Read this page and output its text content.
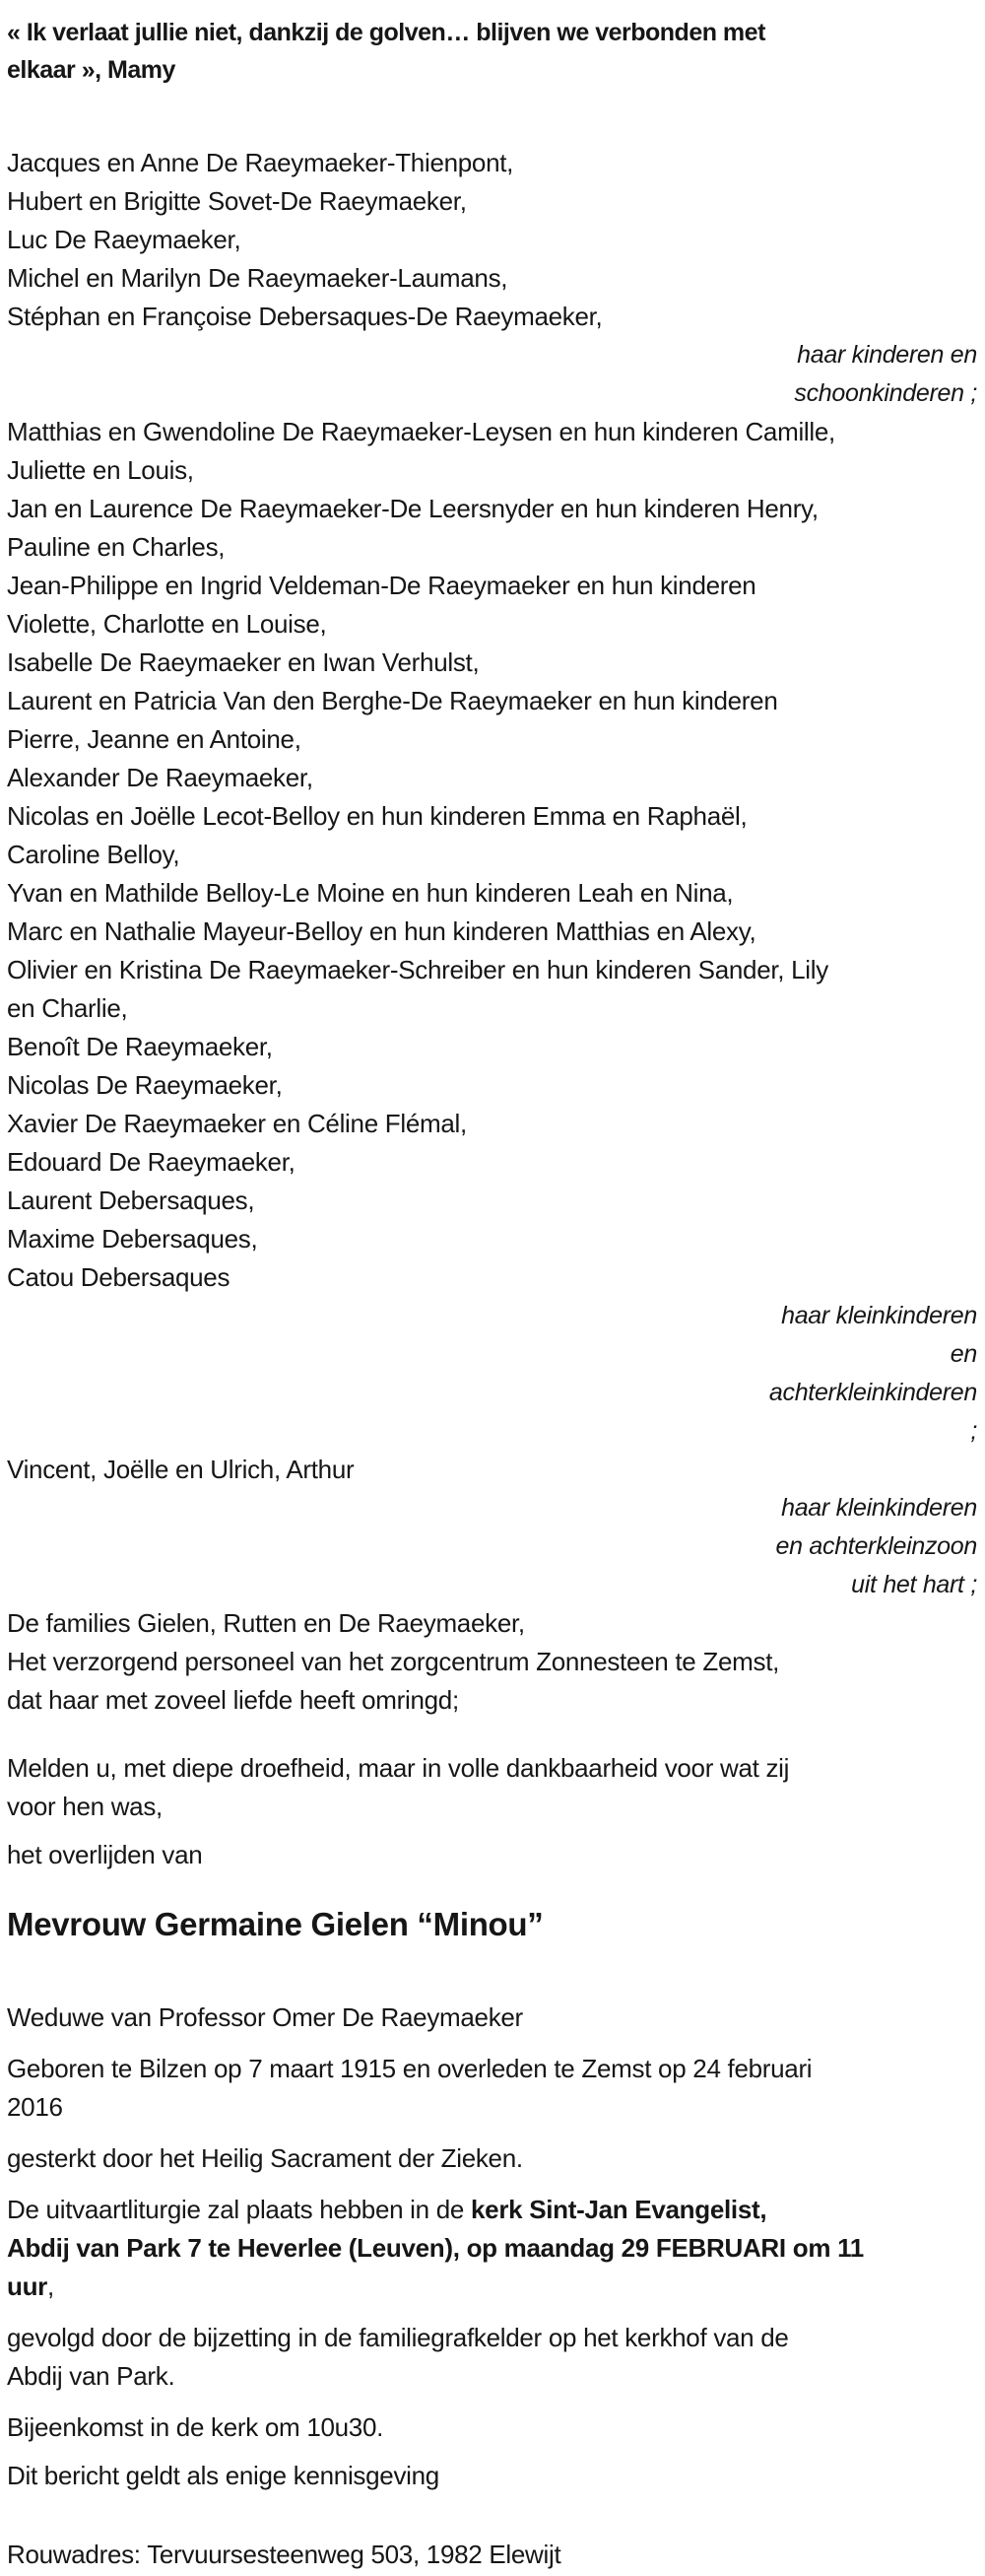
« Ik verlaat jullie niet, dankzij de golven… blijven we verbonden met
elkaar », Mamy
Jacques en Anne De Raeymaeker-Thienpont,
Hubert en Brigitte Sovet-De Raeymaeker,
Luc De Raeymaeker,
Michel en Marilyn De Raeymaeker-Laumans,
Stéphan en Françoise Debersaques-De Raeymaeker,
haar kinderen en
schoonkinderen ;
Matthias en Gwendoline De Raeymaeker-Leysen en hun kinderen Camille,
Juliette en Louis,
Jan en Laurence De Raeymaeker-De Leersnyder en hun kinderen Henry,
Pauline en Charles,
Jean-Philippe en Ingrid Veldeman-De Raeymaeker en hun kinderen
Violette, Charlotte en Louise,
Isabelle De Raeymaeker en Iwan Verhulst,
Laurent en Patricia Van den Berghe-De Raeymaeker en hun kinderen
Pierre, Jeanne en Antoine,
Alexander De Raeymaeker,
Nicolas en Joëlle Lecot-Belloy en hun kinderen Emma en Raphaël,
Caroline Belloy,
Yvan en Mathilde Belloy-Le Moine en hun kinderen Leah en Nina,
Marc en Nathalie Mayeur-Belloy en hun kinderen Matthias en Alexy,
Olivier en Kristina De Raeymaeker-Schreiber en hun kinderen Sander, Lily
en Charlie,
Benoît De Raeymaeker,
Nicolas De Raeymaeker,
Xavier De Raeymaeker en Céline Flémal,
Edouard De Raeymaeker,
Laurent Debersaques,
Maxime Debersaques,
Catou Debersaques
haar kleinkinderen
en
achterkleinkinderen
;
Vincent, Joëlle en Ulrich, Arthur
haar kleinkinderen
en achterkleinzoon
uit het hart ;
De families Gielen, Rutten en De Raeymaeker,
Het verzorgend personeel van het zorgcentrum Zonnesteen te Zemst,
dat haar met zoveel liefde heeft omringd;
Melden u, met diepe droefheid, maar in volle dankbaarheid voor wat zij
voor hen was,
het overlijden van
Mevrouw Germaine Gielen “Minou”
Weduwe van Professor Omer De Raeymaeker
Geboren te Bilzen op 7 maart 1915 en overleden te Zemst op 24 februari
2016
gesterkt door het Heilig Sacrament der Zieken.
De uitvaartliturgie zal plaats hebben in de kerk Sint-Jan Evangelist,
Abdij van Park 7 te Heverlee (Leuven), op maandag 29 FEBRUARI om 11
uur,
gevolgd door de bijzetting in de familiegrafkelder op het kerkhof van de
Abdij van Park.
Bijeenkomst in de kerk om 10u30.
Dit bericht geldt als enige kennisgeving
Rouwadres: Tervuursesteenweg 503, 1982 Elewijt
